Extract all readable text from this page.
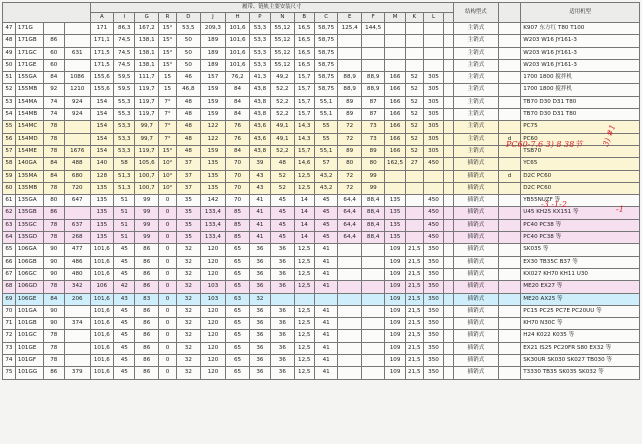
				履带、链轨主要安装尺寸																	结构型式		适用机型
				A	I	G	R	D	J	H	P	N	B	C	E	F	M	K	L				
47	171G			171	86,3	167,2	15°	53,5	209,3	101,6	53,3	55,12	16,5	58,75	125,4	144,5					主销式		K907 东方红 T80 T100
48	171GB	86		171,1	74,5	138,1	15°	50	189	101,6	53,3	55,12	16,5	58,75							主销式		W203 W16 JY161-3
49	171GC	60	631	171,5	74,5	138,1	15°	50	189	101,6	53,3	55,12	16,5	58,75							主销式		W203 W16 JY161-3
50	171GE	60		171,5	74,5	138,1	15°	50	189	101,6	53,3	55,12	16,5	58,75							主销式		W203 W16 JY161-3
51	155GA	84	1086	155,6	59,5	111,7	15	46	157	76,2	41,3	49,2	15,7	58,75	88,9	88,9	166	52	305		主销式		1700 1800 搅拌机
52	155MB	92	1210	155,6	59,5	119,7	15	46,8	159	84	43,8	52,2	15,7	58,75	88,9	88,9	166	52	305		主销式		1700 1800 搅拌机
53	154MA	74	924	154	55,3	119,7	7°	48	159	84	43,8	52,2	15,7	55,1	89	87	166	52	305		主销式		TB70 D30 D31 T80
54	154MB	74	924	154	55,3	119,7	7°	48	159	84	43,8	52,2	15,7	55,1	89	87	166	52	305		主销式		TB70 D30 D31 T80
55	154MC	78		154	53,3	99,7	7°	48	122	76	43,6	49,1	14,3	55	72	73	166	52	305		主销式		PC75
56	154MD	78		154	53,3	99,7	7°	48	122	76	43,6	49,1	14,3	55	72	73	166	52	305		主销式	d	PC60
57	154ME	78	1676	154	53,3	119,7	15°	48	159	84	43,8	52,2	15,7	55,1	89	89	166	52	305		主销式		TSB70
58	140GA	84	488	140	58	105,6	10°	37	135	70	39	48	14,6	57	80	80	162,5	27	450		插销式		YC65
59	135MA	84	680	128	51,3	100,7	10°	37	135	70	43	52	12,5	43,2	72	99					插销式	d	D2C PC60
60	135MB	78	720	135	51,3	100,7	10°	37	135	70	43	52	12,5	43,2	72	99					插销式		D2C PC60
61	135GA	80	647	135	51	99	0	35	142	70	41	45	14	45	64,4	88,4	135		450		插销式		YB55NUZF 等
62	135GB	86		135	51	99	0	35	133,4	85	41	45	14	45	64,4	88,4	135		450		插销式		U45 KH25 KX151 等
63	135GC	78	637	135	51	99	0	35	133,4	85	41	45	14	45	64,4	88,4	135		450		插销式		PC40 PC38 等
64	135GD	78	268	135	51	99	0	35	133,4	85	41	45	14	45	64,4	88,4	135		450		插销式		PC40 PC38 等
65	106GA	90	477	101,6	45	86	0	32	120	65	36	36	12,5	41			109	21,5	350		插销式		SK035 等
66	106GB	90	486	101,6	45	86	0	32	120	65	36	36	12,5	41			109	21,5	350		插销式		EX30 TB35C B37 等
67	106GC	90	480	101,6	45	86	0	32	120	65	36	36	12,5	41			109	21,5	350		插销式		KX027 KH70 KH11 U30
68	106GD	78	342	106	42	86	0	32	103	65	36	36	12,5	41			109	21,5	350		插销式		ME20 EX27 等
69	106GE	84	206	101,6	43	83	0	32	103	63	32						109	21,5	350		插销式		ME20 AX25 等
70	101GA	90		101,6	45	86	0	32	120	65	36	36	12,5	41			109	21,5	350		插销式		PC15 PC25 PC7E PC20UU 等
71	101GB	90	374	101,6	45	86	0	32	120	65	36	36	12,5	41			109	21,5	350		插销式		KH70 N30C 等
72	101GC	78		101,6	45	86	0	32	120	65	36	36	12,5	41			109	21,5	350		插销式		H24 K022 K035 等
73	101GE	78		101,6	45	86	0	32	120	65	36	36	12,5	41			109	21,5	350		插销式		EX21 IS25 PC20FR S80 EX32 等
74	101GF	78		101,6	45	86	0	32	120	65	36	36	12,5	41			109	21,5	350		插销式		SK30UR SK030 SK027 TB030 等
75	101GG	86	379	101,6	45	86	0	32	120	65	36	36	12,5	41			109	21,5	350		插销式		T3330 TB35 SK035 SK032 等
PC60-7.6 3) 8 38节 3) #1
-3.-1-2.
-1
